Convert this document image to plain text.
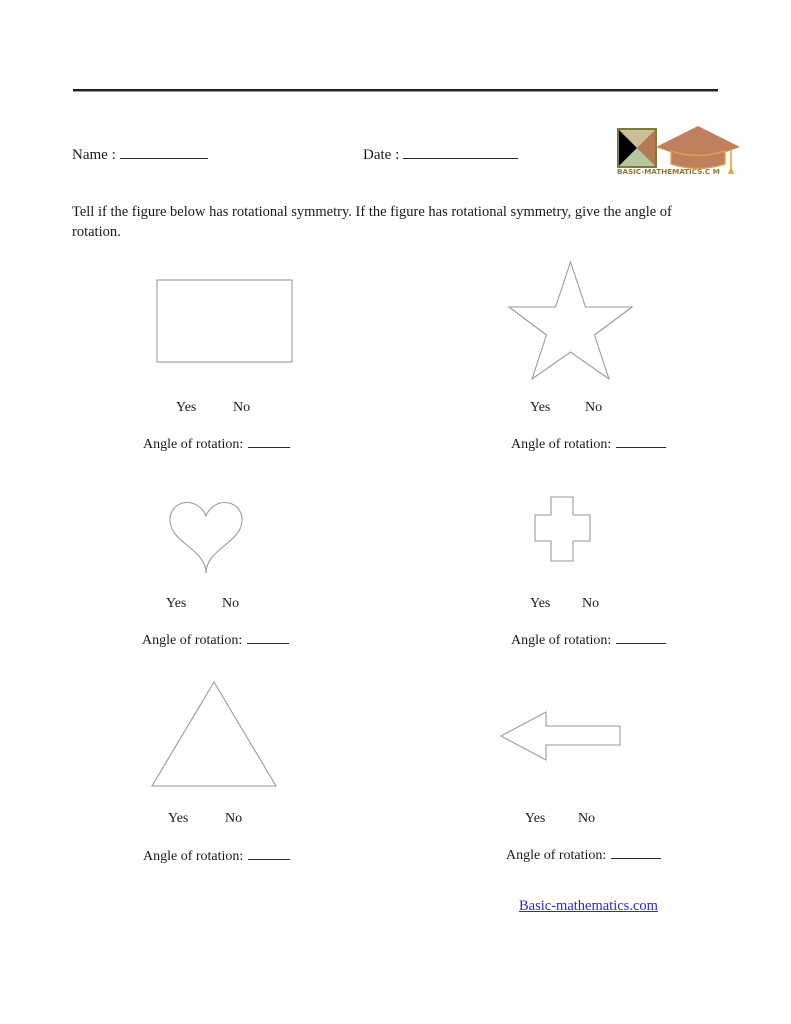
Name :	Date :
BASIC-MATHEMATICS.C M
Tell if the figure below has rotational symmetry. If the figure has rotational symmetry, give the angle of rotation.
Yes	No
Angle of rotation:
Yes No
Angle of rotation:
Yes	No
Angle of rotation:
Yes No
Angle of rotation:
Yes	No
Angle of rotation:
Yes No
Angle of rotation:
Basic-mathematics.com
